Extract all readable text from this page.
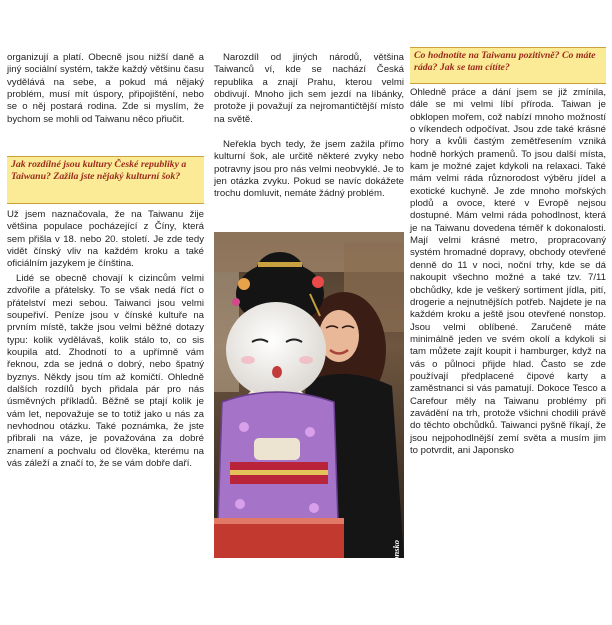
organizují a platí. Obecně jsou nižší daně a jiný sociální systém, takže každý většinu času vydělává na sebe, a pokud má nějaký problém, musí mít úspory, připojištění, nebo se o něj postará rodina. Zde si myslím, že bychom se mohli od Taiwanu něco přiučit.

Jak rozdílné jsou kultury České republiky a Taiwanu? Zažila jste nějaký kulturní šok?

Už jsem naznačovala, že na Taiwanu žije většina populace pocházející z Číny, která sem přišla v 18. nebo 20. století. Je zde tedy vidět čínský vliv na každém kroku a také oficiálním jazykem je čínština.

Lidé se obecně chovají k cizincům velmi zdvořile a přátelsky. To se však nedá říct o přátelství mezi sebou. Taiwanci jsou velmi soupeřiví. Peníze jsou v čínské kultuře na prvním místě, takže jsou velmi běžné dotazy typu: kolik vydělávaš, kolik stálo to, co sis koupila atd. Zhodnotí to a upřímně vám řeknou, zda se jedná o dobrý, nebo špatný byznys. Někdy jsou tím až komičtí. Ohledně dalších rozdílů bych přidala pár pro nás úsměvných příkladů. Běžně se ptají kolik je vám let, nepovažuje se to totiž jako u nás za nevhodnou otázku. Také poznámka, že jste přibrali na váze, je považována za dobré znamení a pochvalu od člověka, kterému na vás záleží a značí to, že se vám dobře daří.

Narozdíl od jiných národů, většina Taiwanců ví, kde se nachází Česká republika a znají Prahu, kterou velmi obdivují. Mnoho jich sem jezdí na líbánky, protože ji považují za nejromantičtější místo na světě.

Neřekla bych tedy, že jsem zažila přímo kulturní šok, ale určitě některé zvyky nebo potravny jsou pro nás velmi neobvyklé. Je to jen otázka zvyku. Pokud se navíc dokážete trochu domluvit, nemáte žádný problém.

Oreo Shibuki, Japonsko

Co hodnotíte na Taiwanu pozitivně? Co máte ráda? Jak se tam cítíte?

Ohledně práce a dání jsem se již zmínila, dále se mi velmi líbí příroda. Taiwan je obklopen mořem, což nabízí mnoho možností o víkendech odpočívat. Jsou zde také krásné hory a kvůli častým zemětřesením vzniká hodně horkých pramenů. To jsou další místa, kam je možné zajet kdykoli na relaxaci. Také mám velmi ráda různorodost výběru jídel a exotické kuchyně. Je zde mnoho mořských plodů a ovoce, které v Evropě nejsou dostupné. Mám velmi ráda pohodlnost, která je na Taiwanu dovedena téměř k dokonalosti. Mají velmi krásné metro, propracovaný systém hromadné dopravy, obchody otevřené denně do 11 v noci, noční trhy, kde se dá nakoupit všechno možné a také tzv. 7/11 obchůdky, kde je veškerý sortiment jídla, pití, drogerie a nejnutnějších potřeb. Najdete je na každém kroku a ještě jsou otevřené nonstop. Jsou velmi oblíbené. Zaručeně máte minimálně jeden ve svém okolí a kdykoli si tam můžete zajít koupit i hamburger, když na vás o půlnoci přijde hlad. Často se zde používají předplacené čipové karty a zaměstnanci si vás pamatují. Dokoce Tesco a Carefour měly na Taiwanu problémy při zavádění na trh, protože všichni chodili právě do těchto obchůdků. Taiwanci pyšně říkají, že jsou nejpohodlnější zemí světa a musím jim to potvrdit, ani Japonsko
